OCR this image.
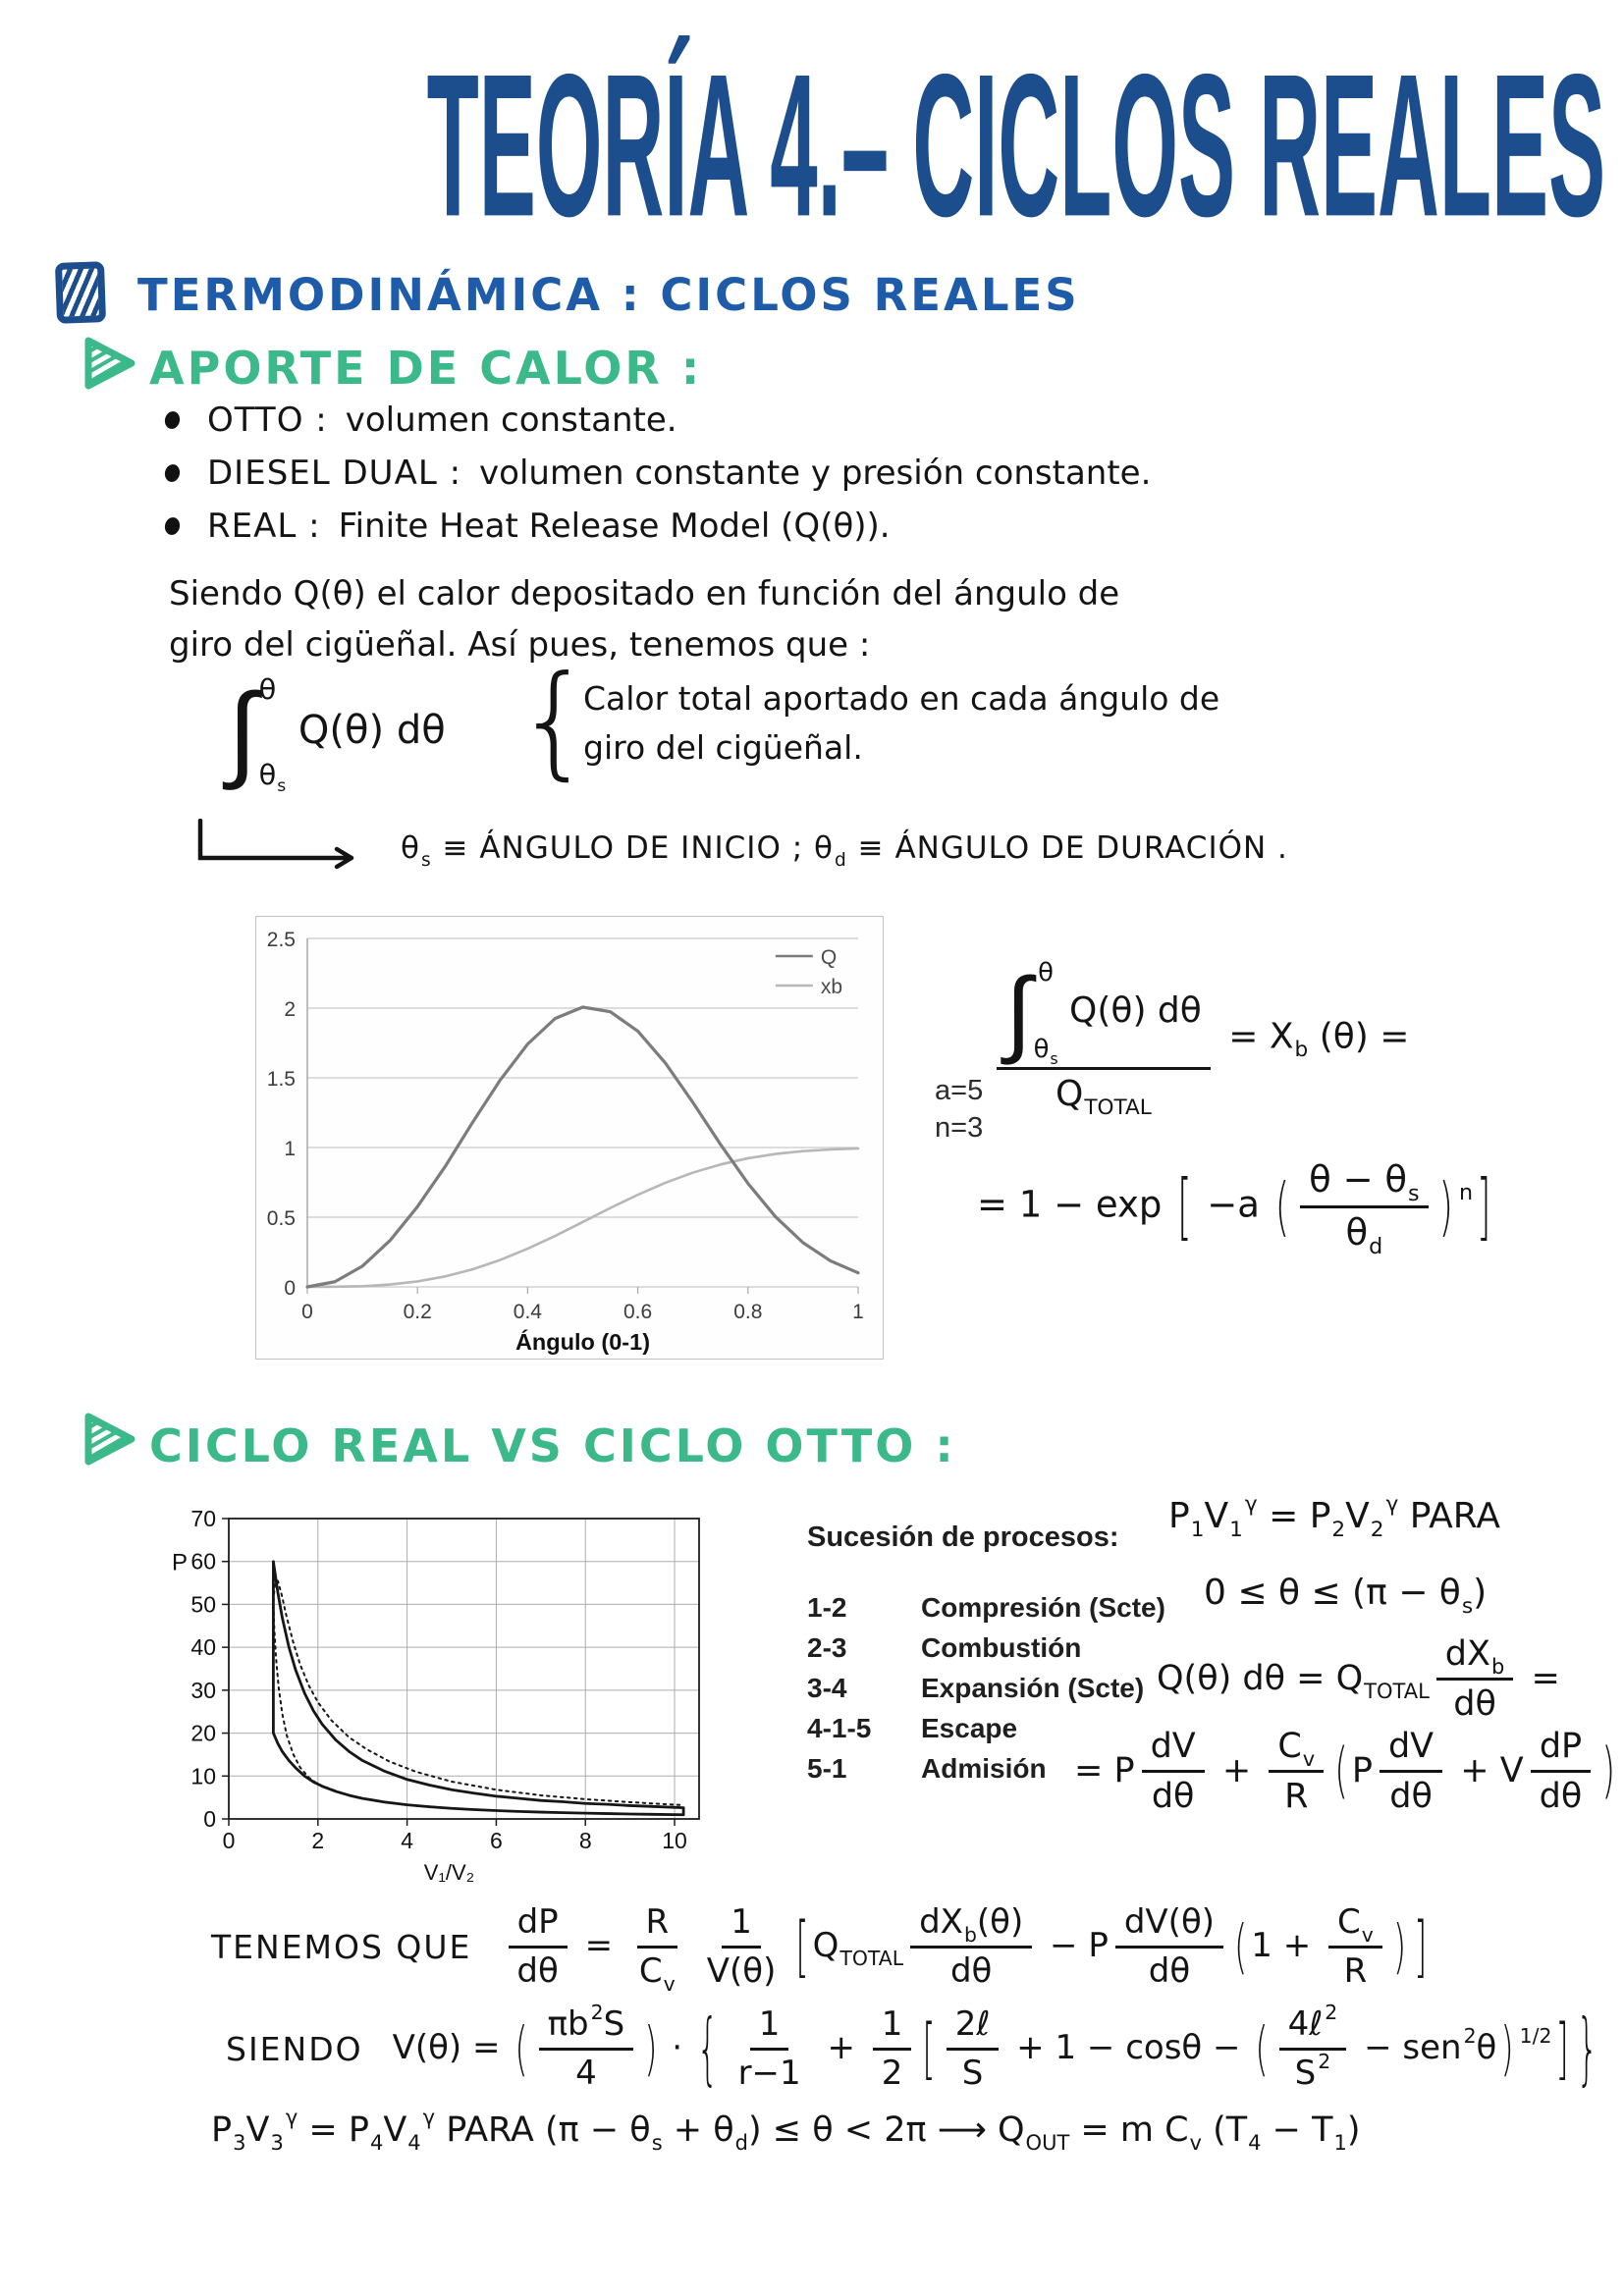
TEORÍA 4.– CICLOS REALES
TERMODINÁMICA : CICLOS REALES
APORTE DE CALOR :
OTTO : volumen constante.
DIESEL DUAL : volumen constante y presión constante.
REAL : Finite Heat Release Model (Q(θ)).
Siendo Q(θ) el calor depositado en función del ángulo de
giro del cigüeñal. Así pues, tenemos que :
∫ θ
$\theta_s$
Q(θ) dθ {
Calor total aportado en cada ángulo de
giro del cigüeñal.
$\theta_s$ ≡ ÁNGULO DE INICIO ; $\theta_d$ ≡ ÁNGULO DE DURACIÓN .
0
0.5
1
1.5
2
2.5
0	0.2	0.4	0.6	0.8	1
Ángulo (0-1)
Q
xb
a=5
n=3
∫ θ
$\theta_s$
Q(θ) dθ
$Q_{TOTAL} = X_b$ (θ) =
= 1 − exp [ −a ( $\frac{\theta - \theta_s}{\theta_d}$ ) $^n$ ]
CICLO REAL VS CICLO OTTO :
0	2	4	6	8	10
0
10
20
30
40
50
60
70
P
V₁/V₂
Sucesión de procesos:
1-2	Compresión (Scte)
2-3	Combustión
3-4	Expansión (Scte)
4-1-5	Escape
5-1	Admisión
$P_1V_1^\gamma = P_2V_2^\gamma$ PARA
$0 \le \theta \le (\pi - \theta_s)$
Q(θ) $d\theta = Q_{TOTAL} \frac{dX_b}{d\theta}$ =
= P $\frac{dV}{d\theta} + \frac{C_v}{R}$ ( P $\frac{dV}{d\theta} + V \frac{dP}{d\theta}$ )
TENEMOS QUE $\frac{dP}{d\theta} = \frac{R}{C_v} \frac{1}{V(\theta)}$ [ $Q_{TOTAL} \frac{dX_b(\theta)}{d\theta} - P \frac{dV(\theta)}{d\theta}$ ( $1 + \frac{C_v}{R}$ ) ]
SIENDO V(θ) = ( $\frac{\pi b^2S}{4}$ ) · { $\frac{1}{r-1} + \frac{1}{2}$ [ $\frac{\text{2ℓ}}{S} + 1 - \cos\theta$ − ( $\frac{4\ell^2}{S^2} - sen^2\theta$ ) $^{1/2}$ ] }
$P_3V_3^\gamma = P_4V_4^\gamma$ PARA $(\pi - \theta_s + \theta_d) \le \theta < 2\pi$ ⟶ $Q_{OUT} = m$ $C_v$ $(T_4 - T_1)$
